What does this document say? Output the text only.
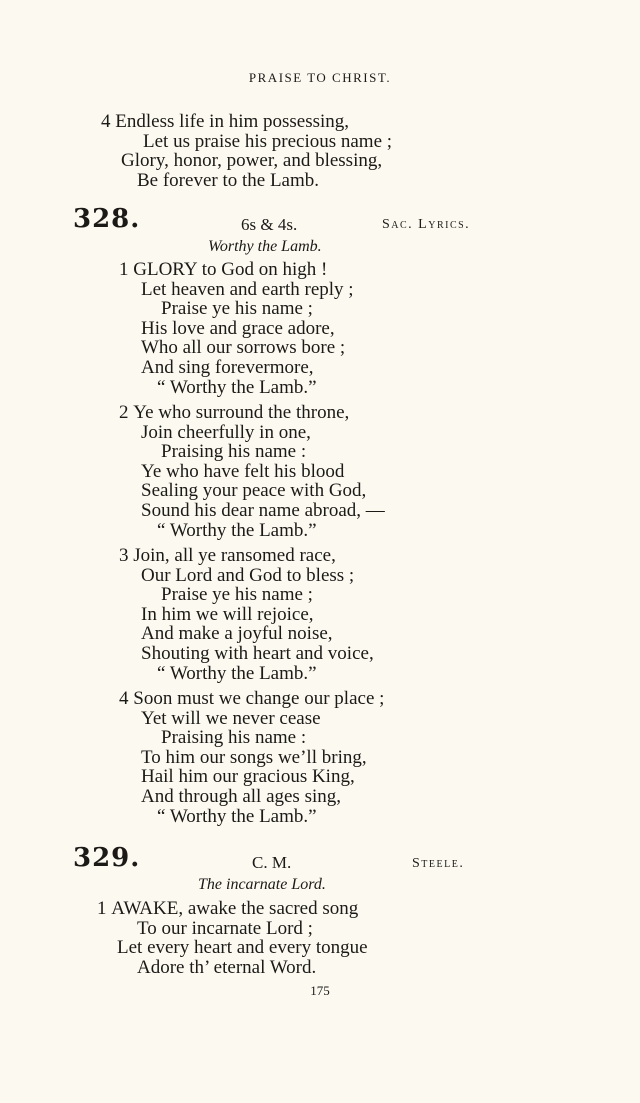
PRAISE TO CHRIST.
4 Endless life in him possessing,
Let us praise his precious name ;
Glory, honor, power, and blessing,
Be forever to the Lamb.
328.	6s & 4s.	Sac. Lyrics.
Worthy the Lamb.
1 GLORY to God on high !
Let heaven and earth reply ;
Praise ye his name ;
His love and grace adore,
Who all our sorrows bore ;
And sing forevermore,
“ Worthy the Lamb.”
2 Ye who surround the throne,
Join cheerfully in one,
Praising his name :
Ye who have felt his blood
Sealing your peace with God,
Sound his dear name abroad, —
“ Worthy the Lamb.”
3 Join, all ye ransomed race,
Our Lord and God to bless ;
Praise ye his name ;
In him we will rejoice,
And make a joyful noise,
Shouting with heart and voice,
“ Worthy the Lamb.”
4 Soon must we change our place ;
Yet will we never cease
Praising his name :
To him our songs we’ll bring,
Hail him our gracious King,
And through all ages sing,
“ Worthy the Lamb.”
329.	C. M.	Steele.
The incarnate Lord.
1 AWAKE, awake the sacred song
To our incarnate Lord ;
Let every heart and every tongue
Adore th’ eternal Word.
175
